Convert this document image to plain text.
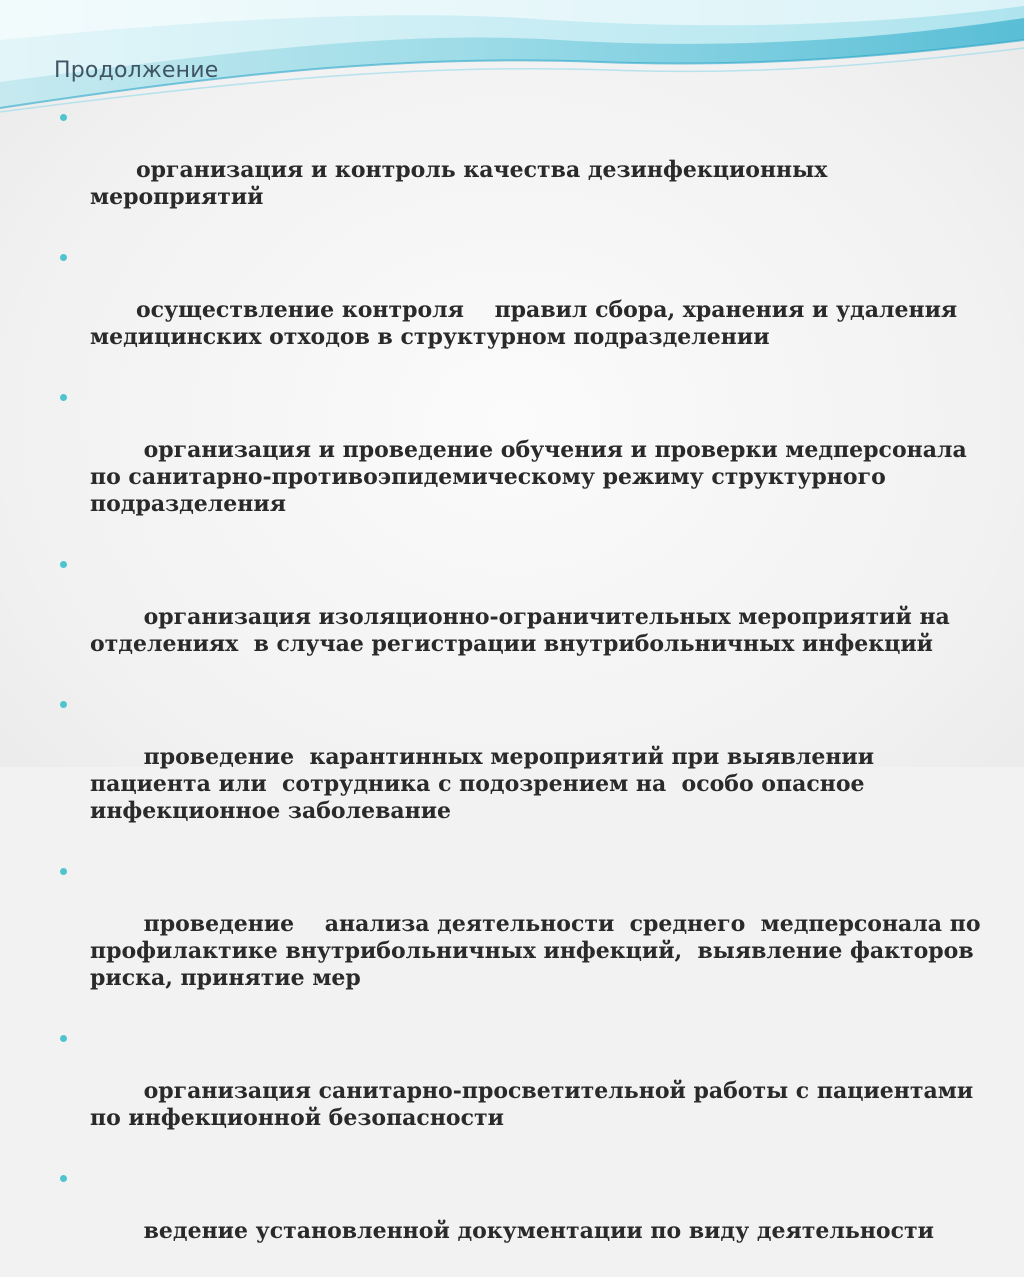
Продолжение

организация и контроль качества дезинфекционных мероприятий

осуществление контроля    правил сбора, хранения и удаления медицинских отходов в структурном подразделении

организация и проведение обучения и проверки медперсонала по санитарно-противоэпидемическому режиму структурного  подразделения

организация изоляционно-ограничительных мероприятий на отделениях  в случае регистрации внутрибольничных инфекций

проведение  карантинных мероприятий при выявлении пациента или  сотрудника с подозрением на  особо опасное инфекционное заболевание

проведение    анализа деятельности  среднего  медперсонала по профилактике внутрибольничных инфекций,  выявление факторов риска, принятие мер

организация санитарно-просветительной работы с пациентами по инфекционной безопасности

ведение установленной документации по виду деятельности
